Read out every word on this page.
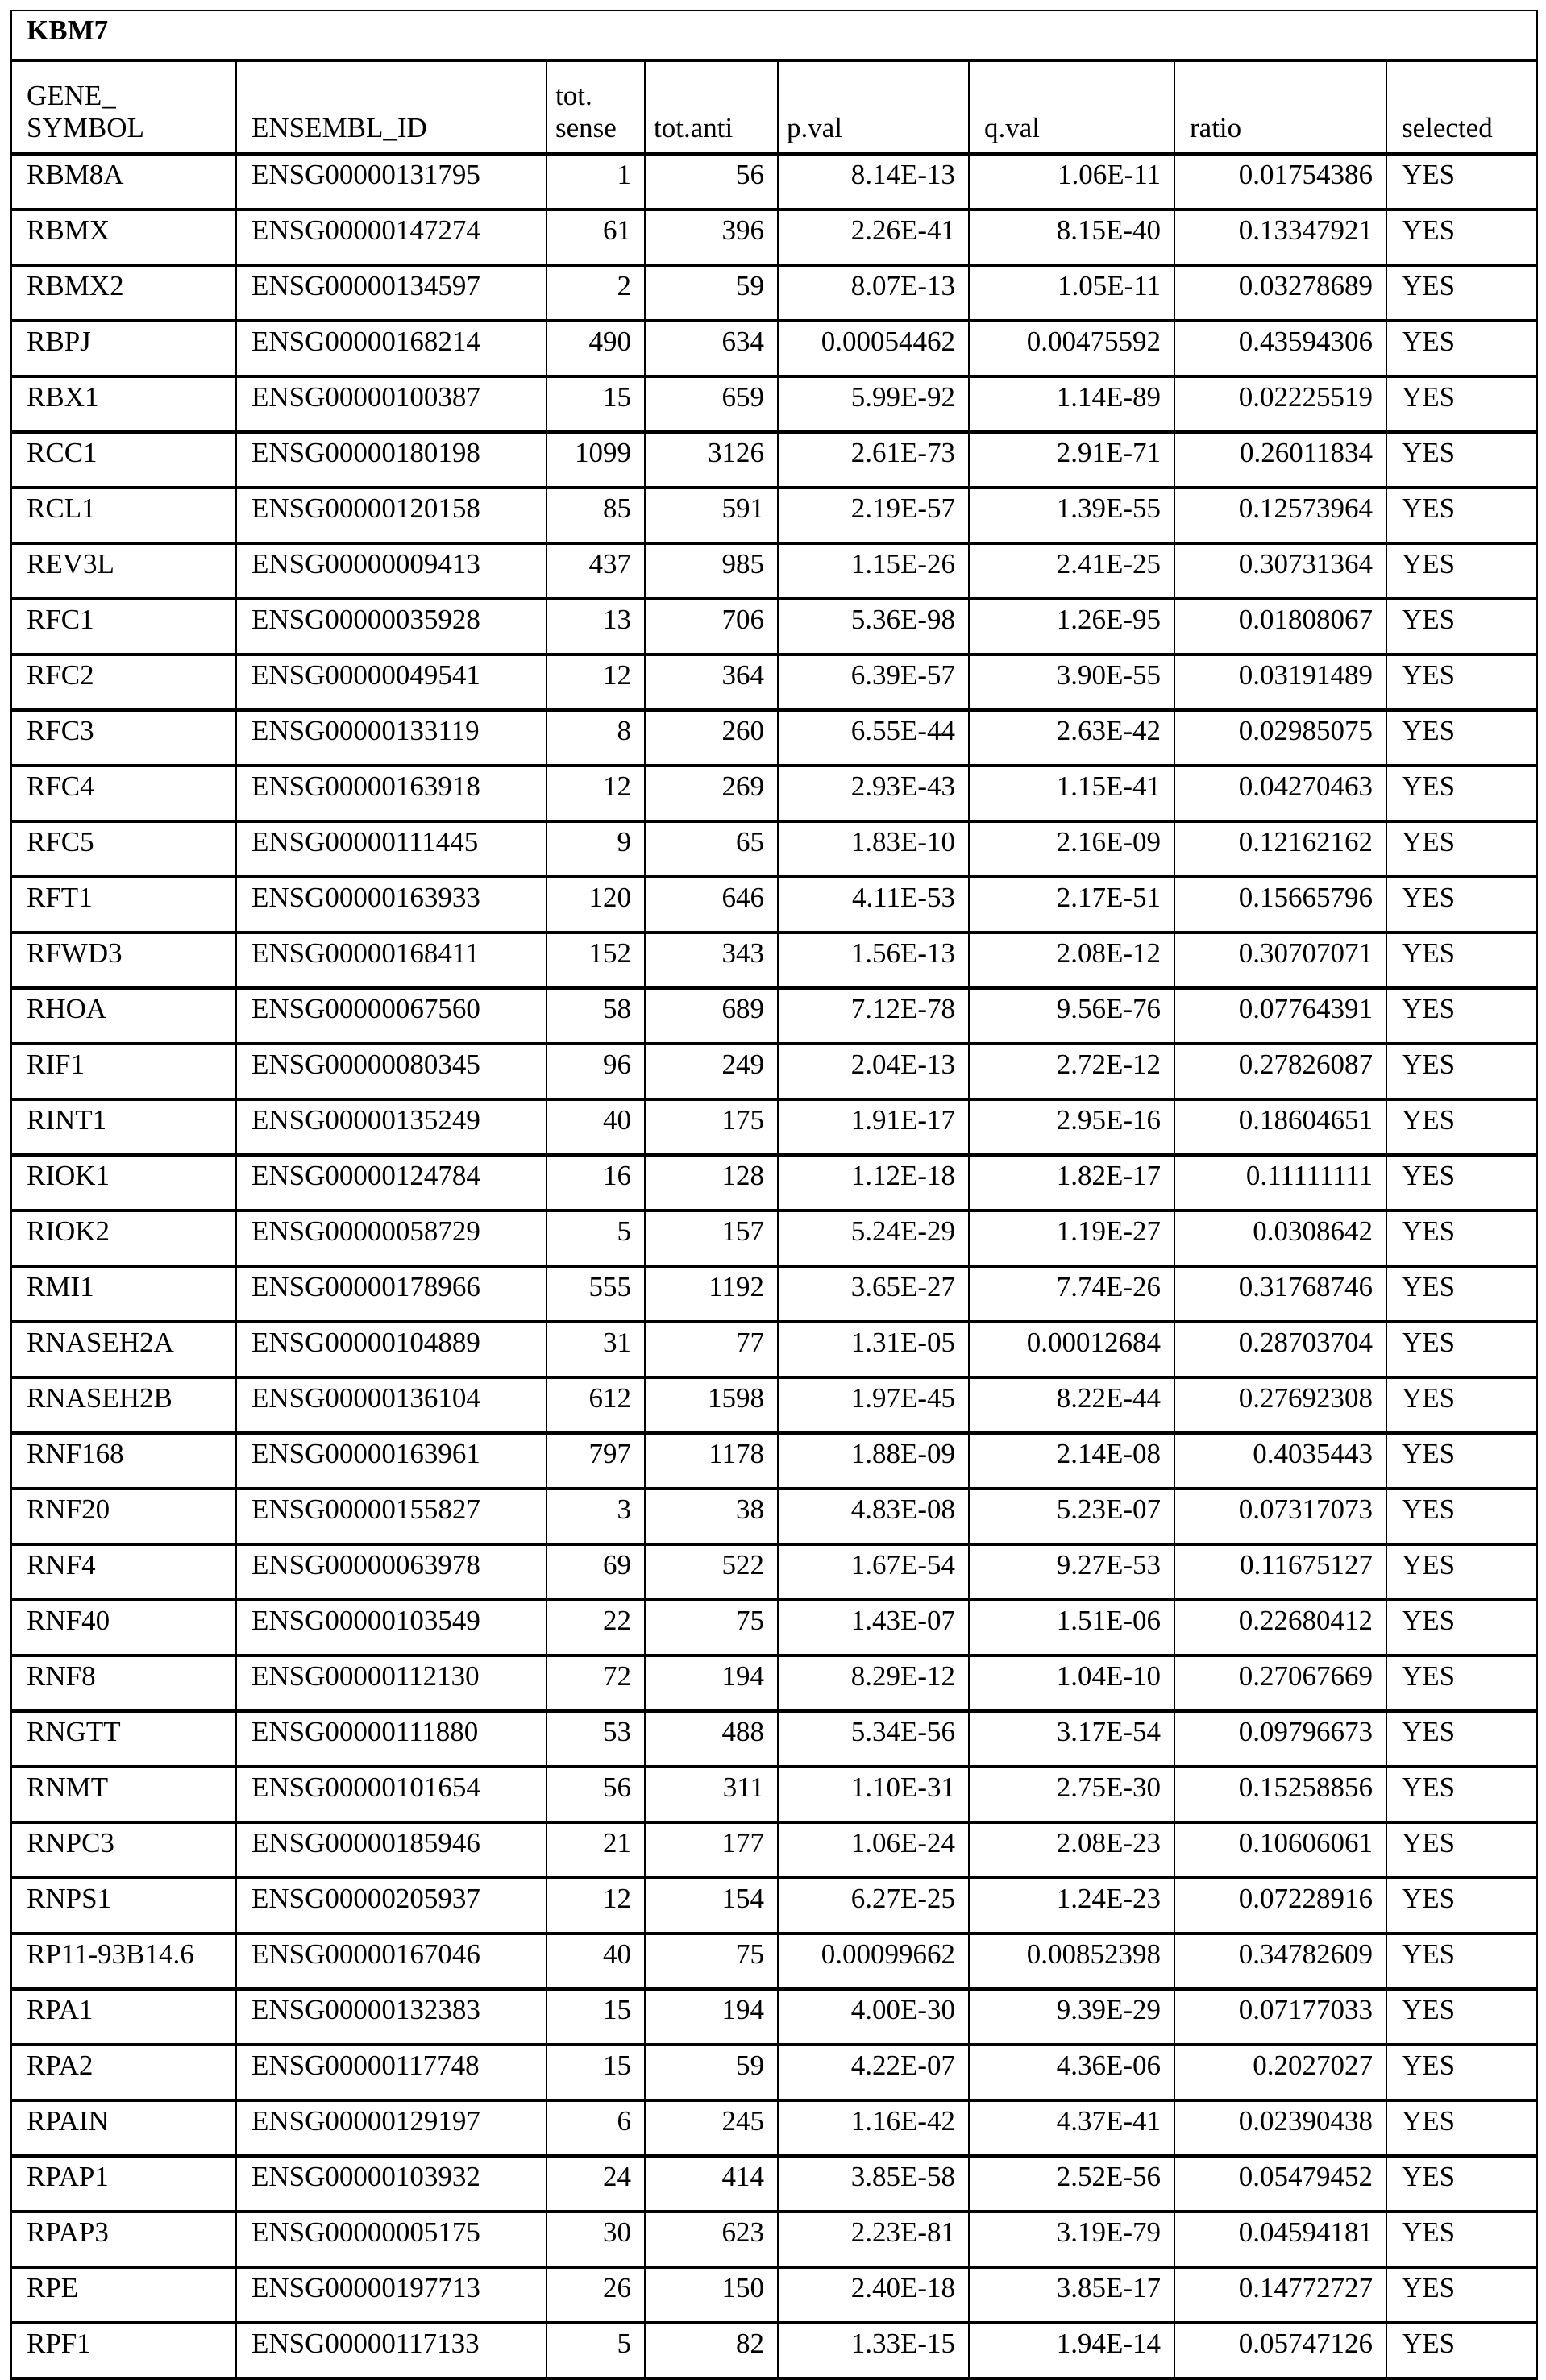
KBM7
GENE_ SYMBOL	ENSEMBL_ID	tot. sense	tot.anti	p.val	q.val	ratio	selected
RBM8A	ENSG00000131795	1	56	8.14E-13	1.06E-11	0.01754386	YES
RBMX	ENSG00000147274	61	396	2.26E-41	8.15E-40	0.13347921	YES
RBMX2	ENSG00000134597	2	59	8.07E-13	1.05E-11	0.03278689	YES
RBPJ	ENSG00000168214	490	634	0.00054462	0.00475592	0.43594306	YES
RBX1	ENSG00000100387	15	659	5.99E-92	1.14E-89	0.02225519	YES
RCC1	ENSG00000180198	1099	3126	2.61E-73	2.91E-71	0.26011834	YES
RCL1	ENSG00000120158	85	591	2.19E-57	1.39E-55	0.12573964	YES
REV3L	ENSG00000009413	437	985	1.15E-26	2.41E-25	0.30731364	YES
RFC1	ENSG00000035928	13	706	5.36E-98	1.26E-95	0.01808067	YES
RFC2	ENSG00000049541	12	364	6.39E-57	3.90E-55	0.03191489	YES
RFC3	ENSG00000133119	8	260	6.55E-44	2.63E-42	0.02985075	YES
RFC4	ENSG00000163918	12	269	2.93E-43	1.15E-41	0.04270463	YES
RFC5	ENSG00000111445	9	65	1.83E-10	2.16E-09	0.12162162	YES
RFT1	ENSG00000163933	120	646	4.11E-53	2.17E-51	0.15665796	YES
RFWD3	ENSG00000168411	152	343	1.56E-13	2.08E-12	0.30707071	YES
RHOA	ENSG00000067560	58	689	7.12E-78	9.56E-76	0.07764391	YES
RIF1	ENSG00000080345	96	249	2.04E-13	2.72E-12	0.27826087	YES
RINT1	ENSG00000135249	40	175	1.91E-17	2.95E-16	0.18604651	YES
RIOK1	ENSG00000124784	16	128	1.12E-18	1.82E-17	0.11111111	YES
RIOK2	ENSG00000058729	5	157	5.24E-29	1.19E-27	0.0308642	YES
RMI1	ENSG00000178966	555	1192	3.65E-27	7.74E-26	0.31768746	YES
RNASEH2A	ENSG00000104889	31	77	1.31E-05	0.00012684	0.28703704	YES
RNASEH2B	ENSG00000136104	612	1598	1.97E-45	8.22E-44	0.27692308	YES
RNF168	ENSG00000163961	797	1178	1.88E-09	2.14E-08	0.4035443	YES
RNF20	ENSG00000155827	3	38	4.83E-08	5.23E-07	0.07317073	YES
RNF4	ENSG00000063978	69	522	1.67E-54	9.27E-53	0.11675127	YES
RNF40	ENSG00000103549	22	75	1.43E-07	1.51E-06	0.22680412	YES
RNF8	ENSG00000112130	72	194	8.29E-12	1.04E-10	0.27067669	YES
RNGTT	ENSG00000111880	53	488	5.34E-56	3.17E-54	0.09796673	YES
RNMT	ENSG00000101654	56	311	1.10E-31	2.75E-30	0.15258856	YES
RNPC3	ENSG00000185946	21	177	1.06E-24	2.08E-23	0.10606061	YES
RNPS1	ENSG00000205937	12	154	6.27E-25	1.24E-23	0.07228916	YES
RP11-93B14.6	ENSG00000167046	40	75	0.00099662	0.00852398	0.34782609	YES
RPA1	ENSG00000132383	15	194	4.00E-30	9.39E-29	0.07177033	YES
RPA2	ENSG00000117748	15	59	4.22E-07	4.36E-06	0.2027027	YES
RPAIN	ENSG00000129197	6	245	1.16E-42	4.37E-41	0.02390438	YES
RPAP1	ENSG00000103932	24	414	3.85E-58	2.52E-56	0.05479452	YES
RPAP3	ENSG00000005175	30	623	2.23E-81	3.19E-79	0.04594181	YES
RPE	ENSG00000197713	26	150	2.40E-18	3.85E-17	0.14772727	YES
RPF1	ENSG00000117133	5	82	1.33E-15	1.94E-14	0.05747126	YES
